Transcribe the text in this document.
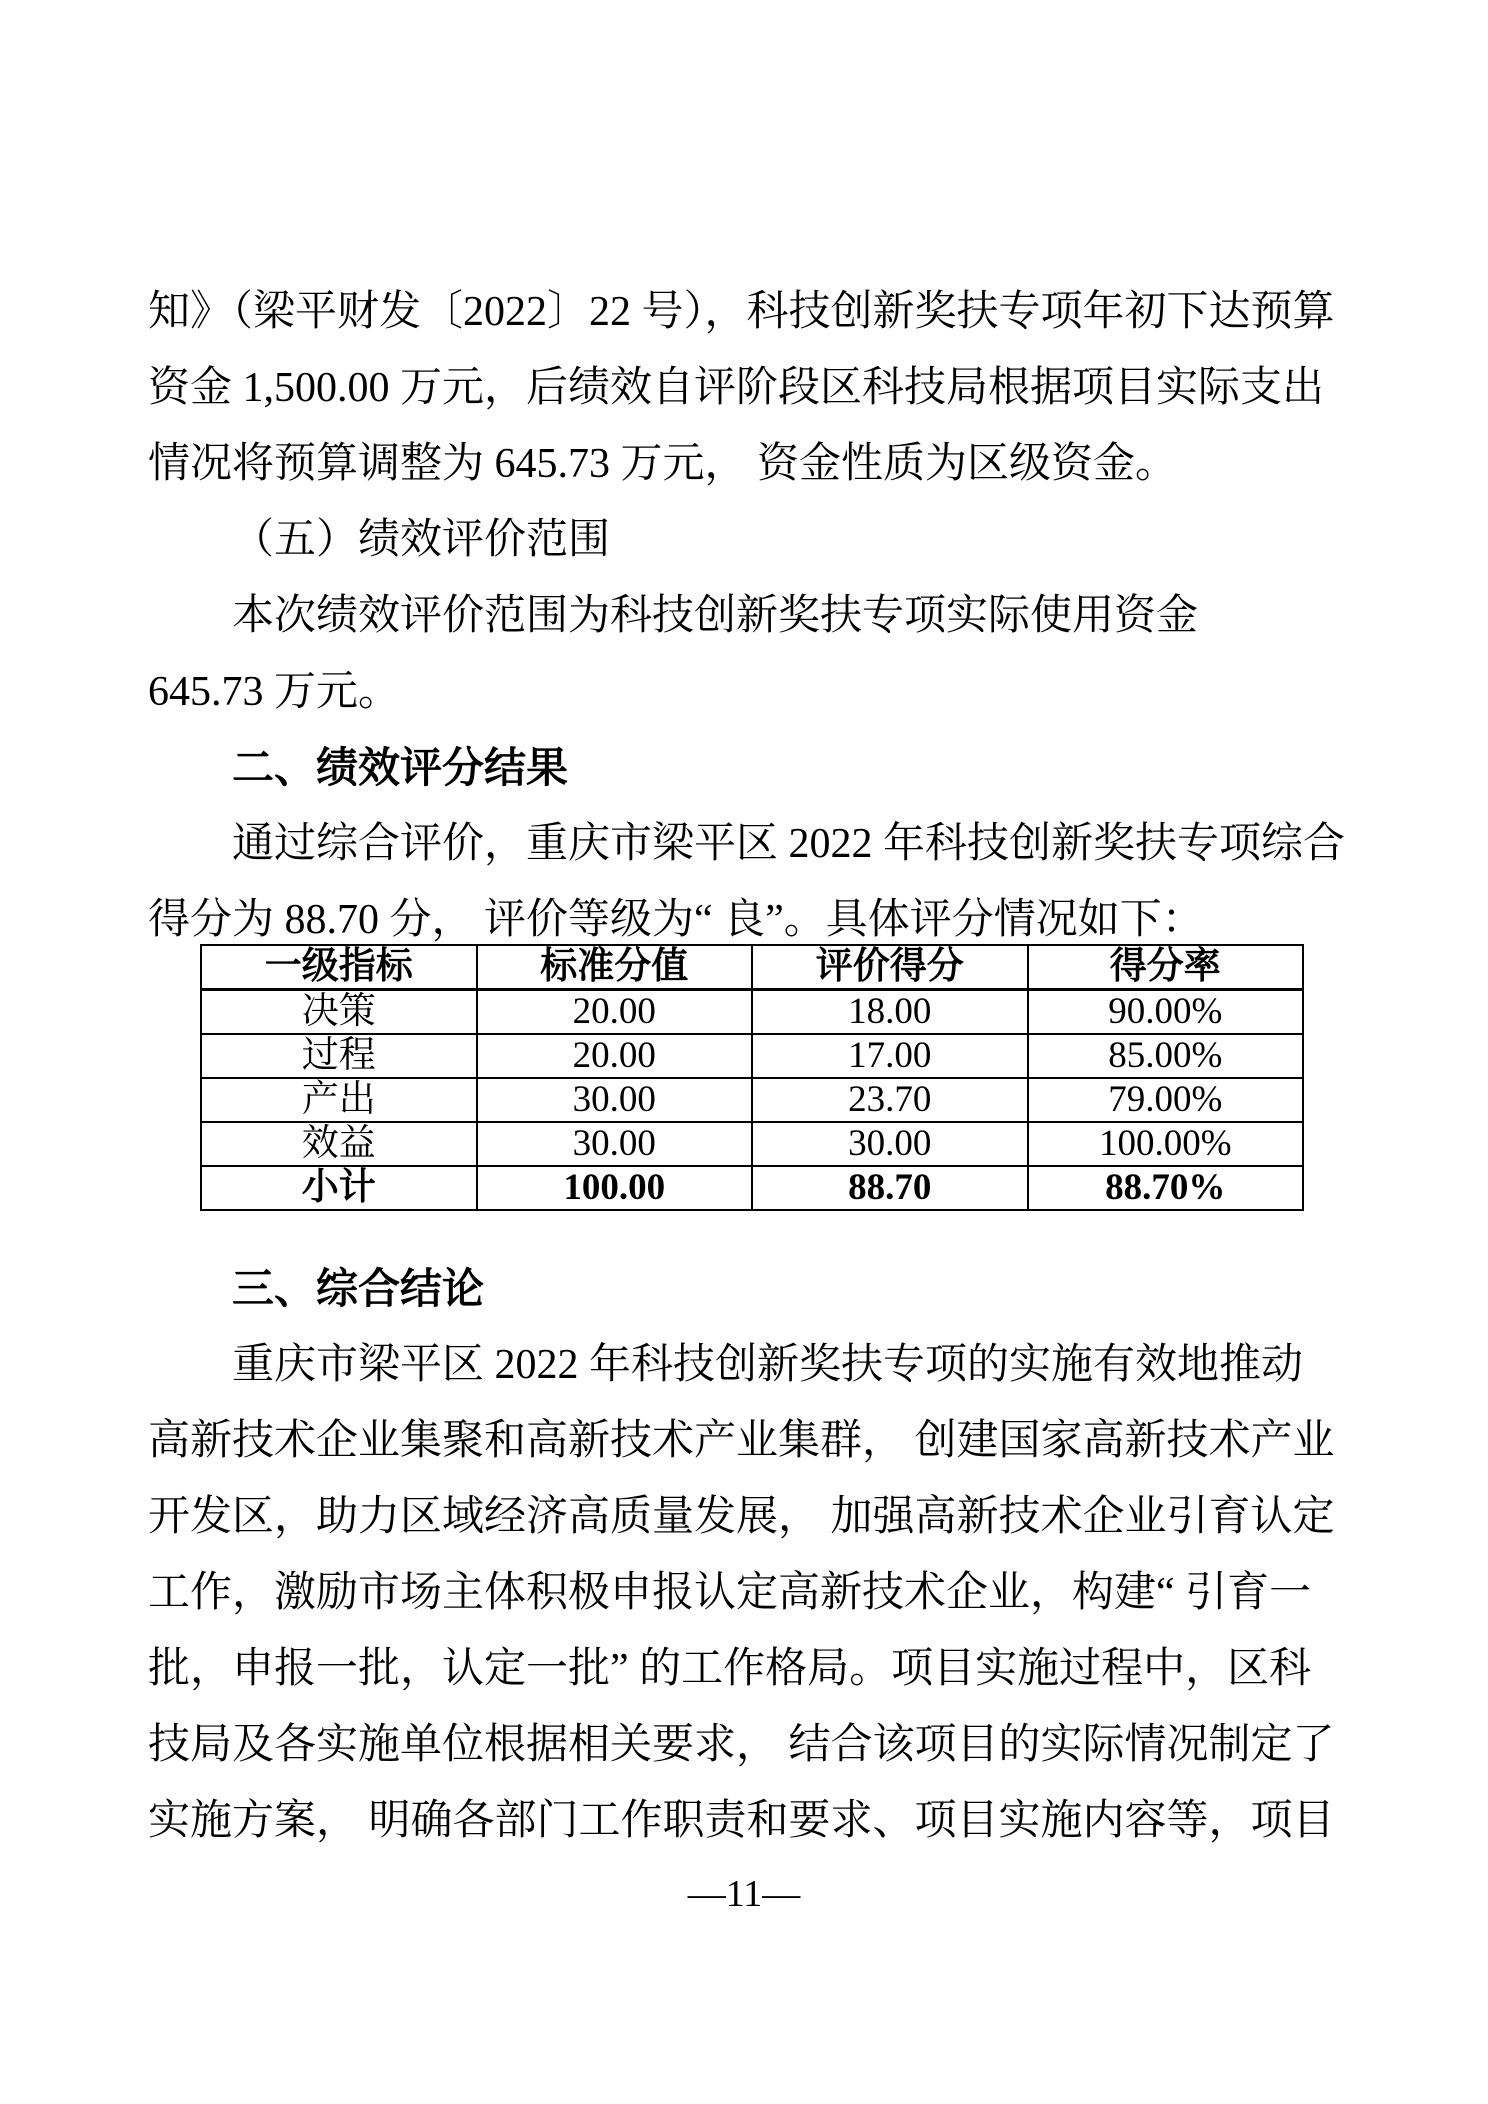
知》（梁平财发〔2022〕22 号），科技创新奖扶专项年初下达预算
资金 1,500.00 万元，后绩效自评阶段区科技局根据项目实际支出
情况将预算调整为 645.73 万元， 资金性质为区级资金。
（五）绩效评价范围
本次绩效评价范围为科技创新奖扶专项实际使用资金
645.73 万元。
二、绩效评分结果
通过综合评价，重庆市梁平区 2022 年科技创新奖扶专项综合
得分为 88.70 分， 评价等级为“ 良”。具体评分情况如下：
一级指标	标准分值	评价得分	得分率
决策	20.00	18.00	90.00%
过程	20.00	17.00	85.00%
产出	30.00	23.70	79.00%
效益	30.00	30.00	100.00%
小计	100.00	88.70	88.70%
三、综合结论
重庆市梁平区 2022 年科技创新奖扶专项的实施有效地推动
高新技术企业集聚和高新技术产业集群， 创建国家高新技术产业
开发区，助力区域经济高质量发展， 加强高新技术企业引育认定
工作，激励市场主体积极申报认定高新技术企业，构建“ 引育一
批，申报一批，认定一批” 的工作格局。项目实施过程中，区科
技局及各实施单位根据相关要求， 结合该项目的实际情况制定了
实施方案， 明确各部门工作职责和要求、项目实施内容等，项目
—11—
